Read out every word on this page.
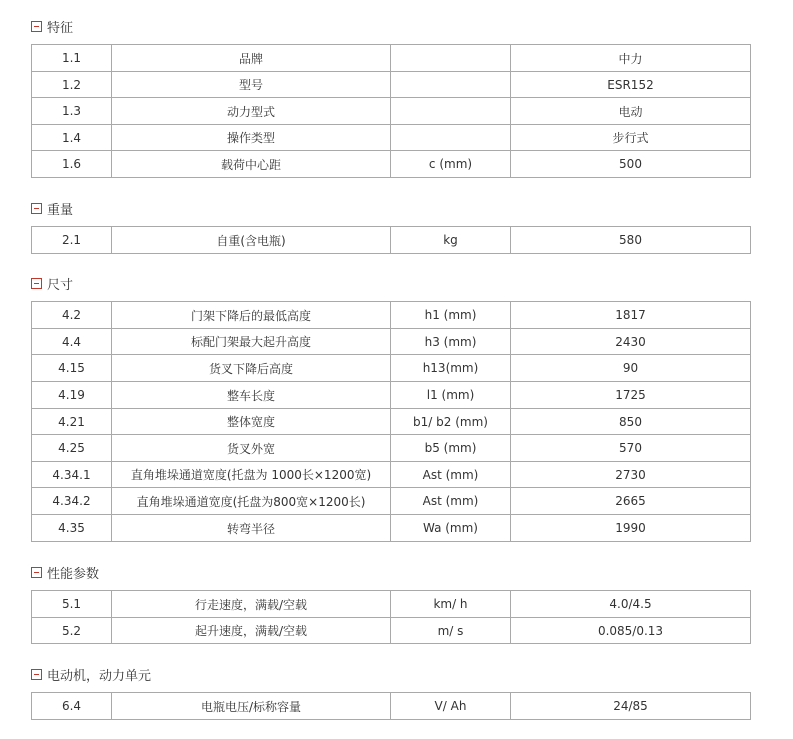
特征
1.1	品牌		中力
1.2	型号		ESR152
1.3	动力型式		电动
1.4	操作类型		步行式
1.6	载荷中心距	c (mm)	500
重量
2.1	自重(含电瓶)	kg	580
尺寸
4.2	门架下降后的最低高度	h1 (mm)	1817
4.4	标配门架最大起升高度	h3 (mm)	2430
4.15	货叉下降后高度	h13(mm)	90
4.19	整车长度	l1 (mm)	1725
4.21	整体宽度	b1/ b2 (mm)	850
4.25	货叉外宽	b5 (mm)	570
4.34.1	直角堆垛通道宽度(托盘为 1000长×1200宽)	Ast (mm)	2730
4.34.2	直角堆垛通道宽度(托盘为800宽×1200长)	Ast (mm)	2665
4.35	转弯半径	Wa (mm)	1990
性能参数
5.1	行走速度，满载/空载	km/ h	4.0/4.5
5.2	起升速度，满载/空载	m/ s	0.085/0.13
电动机，动力单元
6.4	电瓶电压/标称容量	V/ Ah	24/85
